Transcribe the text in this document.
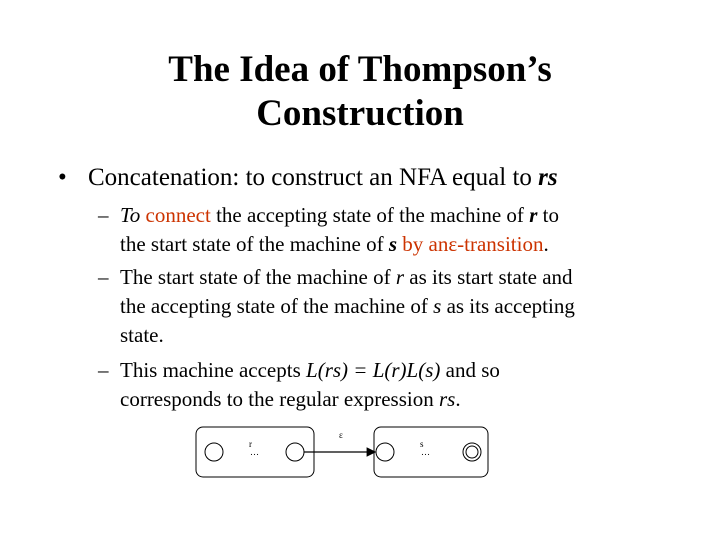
The Idea of Thompson’s
Construction
• Concatenation: to construct an NFA equal to rs
– To connect the accepting state of the machine of r to
the start state of the machine of s by anε-transition.
– The start state of the machine of r as its start state and
the accepting state of the machine of s as its accepting
state.
– This machine accepts L(rs) = L(r)L(s) and so
corresponds to the regular expression rs.
r
…
s
…
ε
